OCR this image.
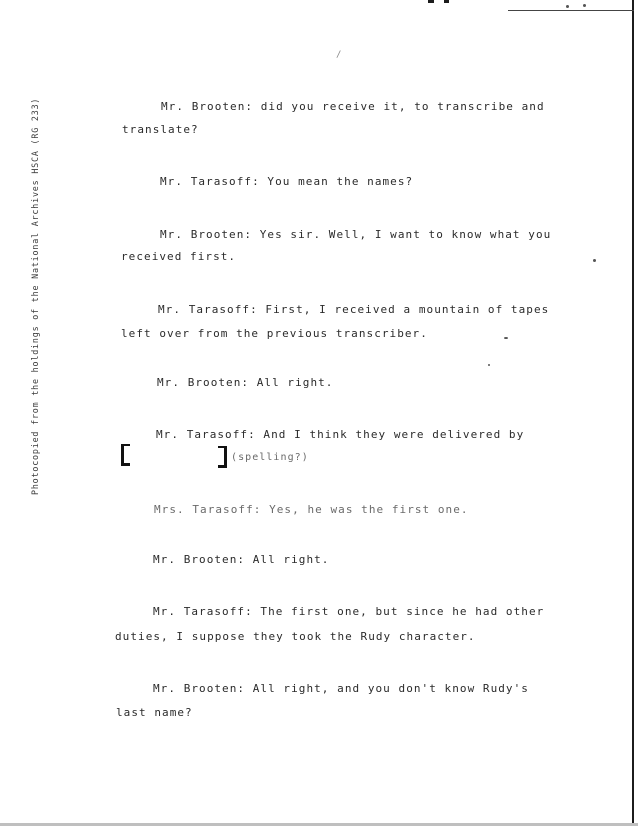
Photocopied from the holdings of the National Archives HSCA (RG 233)
/
Mr. Brooten: did you receive it, to transcribe and
translate?
Mr. Tarasoff: You mean the names?
Mr. Brooten: Yes sir. Well, I want to know what you
received first.
Mr. Tarasoff: First, I received a mountain of tapes
left over from the previous transcriber.
Mr. Brooten: All right.
Mr. Tarasoff: And I think they were delivered by
(spelling?)
Mrs. Tarasoff: Yes, he was the first one.
Mr. Brooten: All right.
Mr. Tarasoff: The first one, but since he had other
duties, I suppose they took the Rudy character.
Mr. Brooten: All right, and you don't know Rudy's
last name?
